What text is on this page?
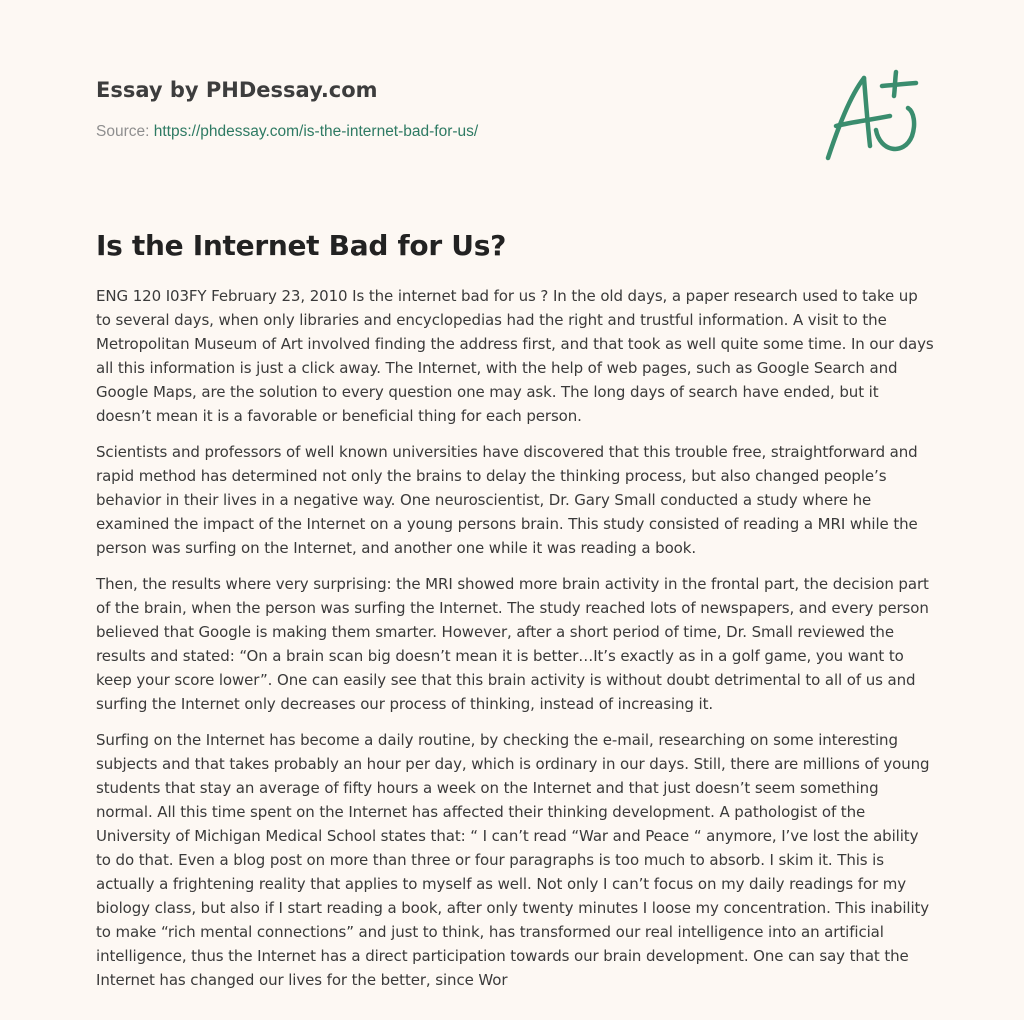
Essay by PHDessay.com
Source: https://phdessay.com/is-the-internet-bad-for-us/
Is the Internet Bad for Us?

ENG 120 I03FY February 23, 2010 Is the internet bad for us ? In the old days, a paper research used to take up to several days, when only libraries and encyclopedias had the right and trustful information. A visit to the Metropolitan Museum of Art involved finding the address first, and that took as well quite some time. In our days all this information is just a click away. The Internet, with the help of web pages, such as Google Search and Google Maps, are the solution to every question one may ask. The long days of search have ended, but it doesn’t mean it is a favorable or beneficial thing for each person.

Scientists and professors of well known universities have discovered that this trouble free, straightforward and rapid method has determined not only the brains to delay the thinking process, but also changed people’s behavior in their lives in a negative way. One neuroscientist, Dr. Gary Small conducted a study where he examined the impact of the Internet on a young persons brain. This study consisted of reading a MRI while the person was surfing on the Internet, and another one while it was reading a book.

Then, the results where very surprising: the MRI showed more brain activity in the frontal part, the decision part of the brain, when the person was surfing the Internet. The study reached lots of newspapers, and every person believed that Google is making them smarter. However, after a short period of time, Dr. Small reviewed the results and stated: “On a brain scan big doesn’t mean it is better…It’s exactly as in a golf game, you want to keep your score lower”. One can easily see that this brain activity is without doubt detrimental to all of us and surfing the Internet only decreases our process of thinking, instead of increasing it.

Surfing on the Internet has become a daily routine, by checking the e-mail, researching on some interesting subjects and that takes probably an hour per day, which is ordinary in our days. Still, there are millions of young students that stay an average of fifty hours a week on the Internet and that just doesn’t seem something normal. All this time spent on the Internet has affected their thinking development. A pathologist of the University of Michigan Medical School states that: “ I can’t read “War and Peace “ anymore, I’ve lost the ability to do that. Even a blog post on more than three or four paragraphs is too much to absorb. I skim it. This is actually a frightening reality that applies to myself as well. Not only I can’t focus on my daily readings for my biology class, but also if I start reading a book, after only twenty minutes I loose my concentration. This inability to make “rich mental connections” and just to think, has transformed our real intelligence into an artificial intelligence, thus the Internet has a direct participation towards our brain development. One can say that the Internet has changed our lives for the better, since Wor
